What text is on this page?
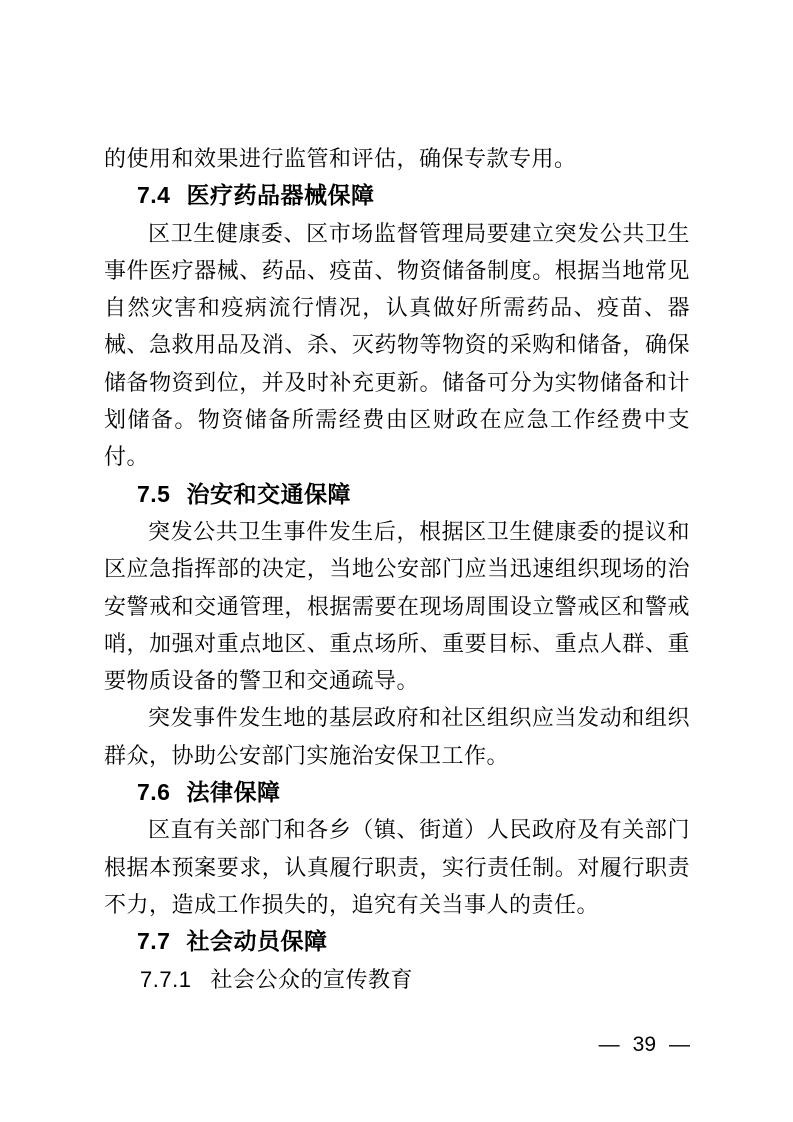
的使用和效果进行监管和评估，确保专款专用。
7.4 医疗药品器械保障
区卫生健康委、区市场监督管理局要建立突发公共卫生事件医疗器械、药品、疫苗、物资储备制度。根据当地常见自然灾害和疫病流行情况，认真做好所需药品、疫苗、器械、急救用品及消、杀、灭药物等物资的采购和储备，确保储备物资到位，并及时补充更新。储备可分为实物储备和计划储备。物资储备所需经费由区财政在应急工作经费中支付。
7.5 治安和交通保障
突发公共卫生事件发生后，根据区卫生健康委的提议和区应急指挥部的决定，当地公安部门应当迅速组织现场的治安警戒和交通管理，根据需要在现场周围设立警戒区和警戒哨，加强对重点地区、重点场所、重要目标、重点人群、重要物质设备的警卫和交通疏导。
突发事件发生地的基层政府和社区组织应当发动和组织群众，协助公安部门实施治安保卫工作。
7.6 法律保障
区直有关部门和各乡（镇、街道）人民政府及有关部门根据本预案要求，认真履行职责，实行责任制。对履行职责不力，造成工作损失的，追究有关当事人的责任。
7.7 社会动员保障
7.7.1 社会公众的宣传教育
— 39 —
